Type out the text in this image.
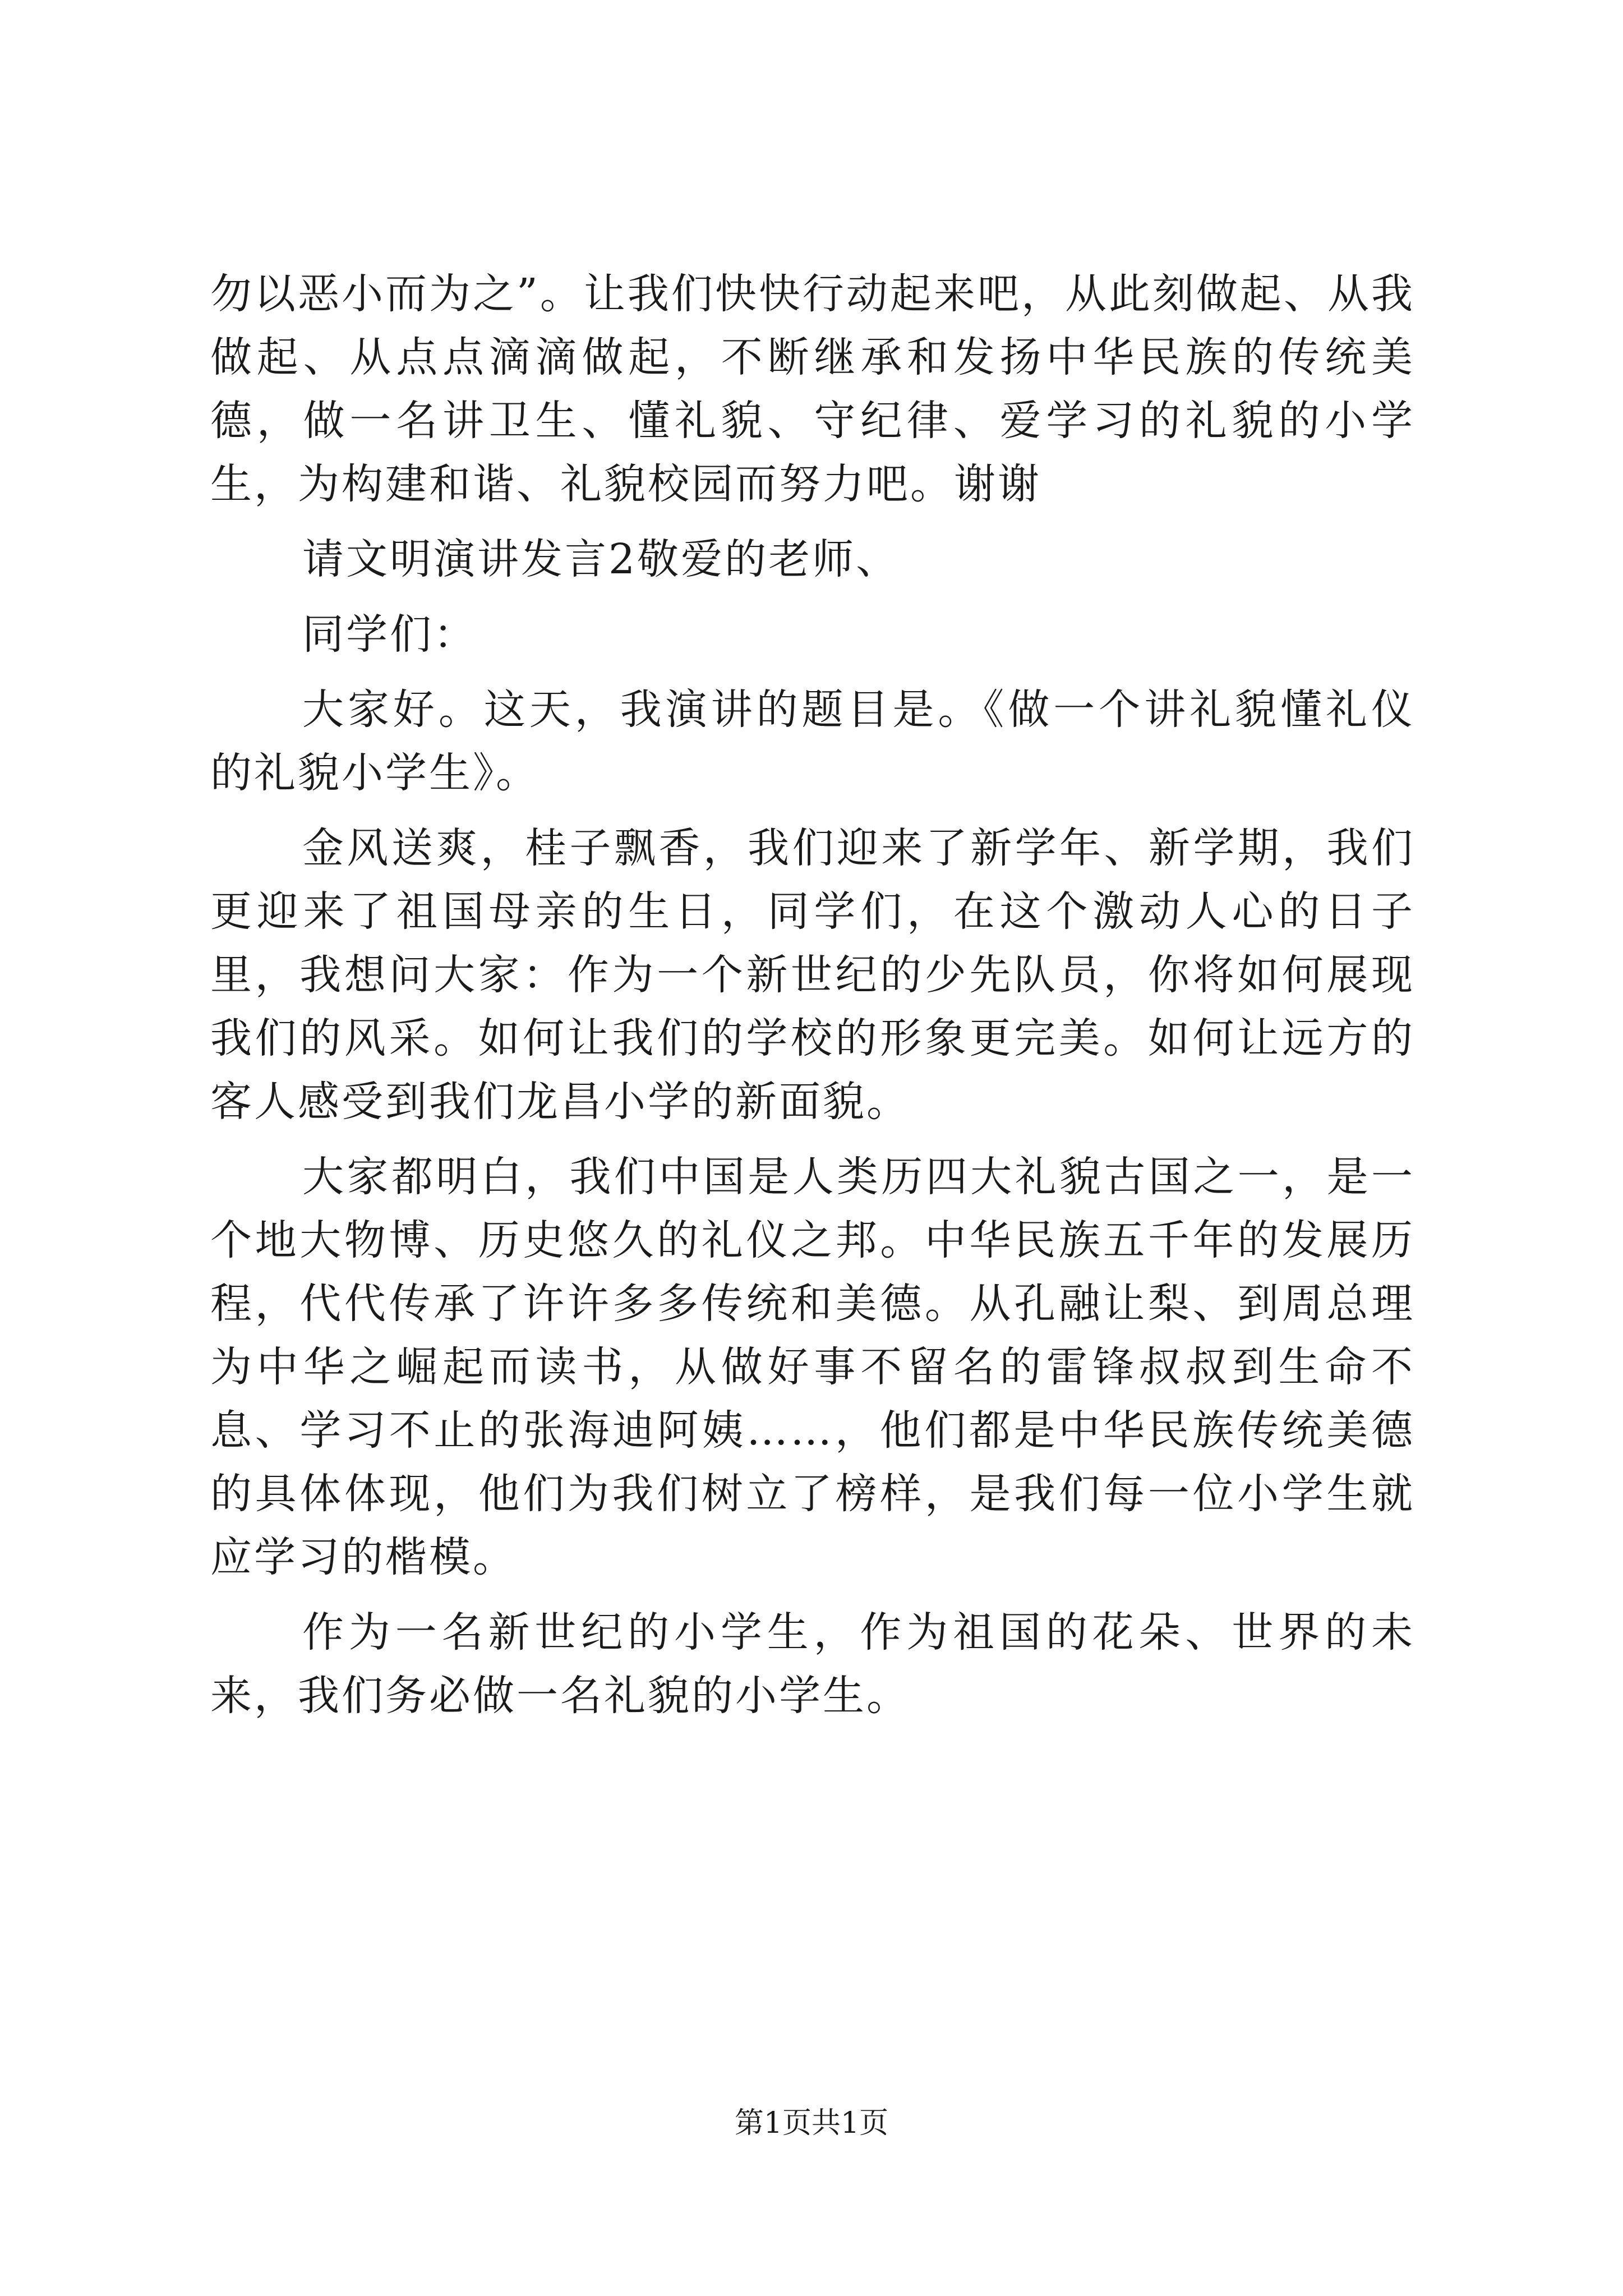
勿以恶小而为之”。让我们快快行动起来吧，从此刻做起、从我做起、从点点滴滴做起，不断继承和发扬中华民族的传统美德，做一名讲卫生、懂礼貌、守纪律、爱学习的礼貌的小学生，为构建和谐、礼貌校园而努力吧。谢谢

请文明演讲发言2敬爱的老师、

同学们：

大家好。这天，我演讲的题目是。《做一个讲礼貌懂礼仪的礼貌小学生》。

金风送爽，桂子飘香，我们迎来了新学年、新学期，我们更迎来了祖国母亲的生日，同学们，在这个激动人心的日子里，我想问大家：作为一个新世纪的少先队员，你将如何展现我们的风采。如何让我们的学校的形象更完美。如何让远方的客人感受到我们龙昌小学的新面貌。

大家都明白，我们中国是人类历四大礼貌古国之一，是一个地大物博、历史悠久的礼仪之邦。中华民族五千年的发展历程，代代传承了许许多多传统和美德。从孔融让梨、到周总理为中华之崛起而读书，从做好事不留名的雷锋叔叔到生命不息、学习不止的张海迪阿姨……，他们都是中华民族传统美德的具体体现，他们为我们树立了榜样，是我们每一位小学生就应学习的楷模。

作为一名新世纪的小学生，作为祖国的花朵、世界的未来，我们务必做一名礼貌的小学生。

第1页共1页
